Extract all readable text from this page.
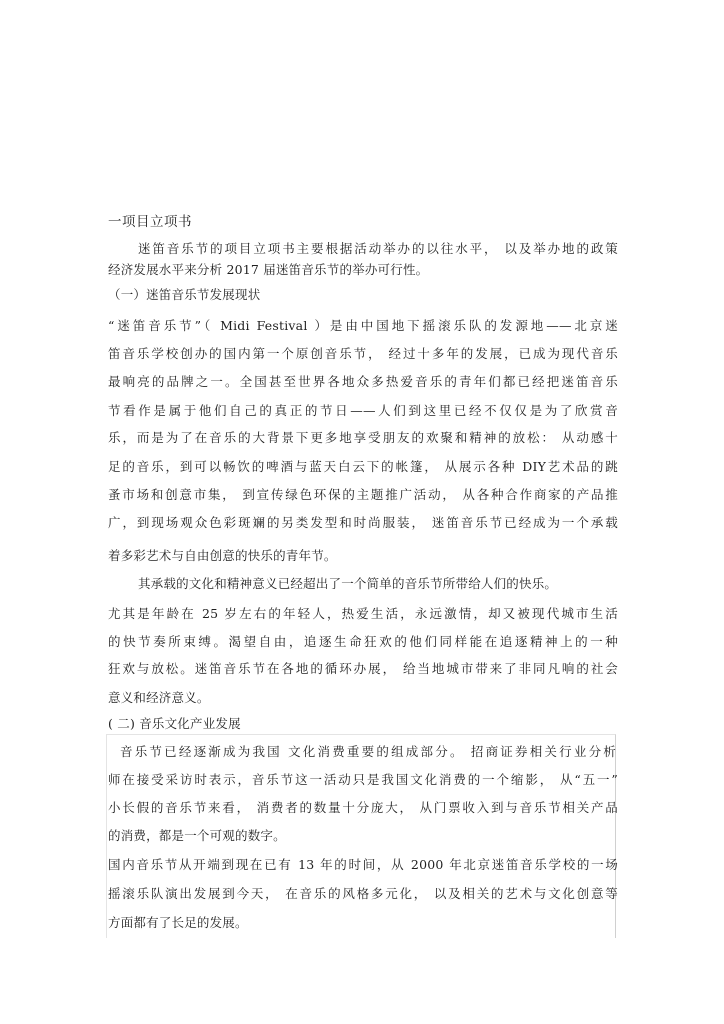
一项目立项书
迷笛音乐节的项目立项书主要根据活动举办的以往水平， 以及举办地的政策
经济发展水平来分析 2017 届迷笛音乐节的举办可行性。
（一）迷笛音乐节发展现状
“迷笛音乐节”（ Midi Festival ）是由中国地下摇滚乐队的发源地——北京迷
笛音乐学校创办的国内第一个原创音乐节， 经过十多年的发展，已成为现代音乐
最响亮的品牌之一。全国甚至世界各地众多热爱音乐的青年们都已经把迷笛音乐
节看作是属于他们自己的真正的节日——人们到这里已经不仅仅是为了欣赏音
乐，而是为了在音乐的大背景下更多地享受朋友的欢聚和精神的放松： 从动感十
足的音乐，到可以畅饮的啤酒与蓝天白云下的帐篷， 从展示各种 DIY艺术品的跳
蚤市场和创意市集， 到宣传绿色环保的主题推广活动， 从各种合作商家的产品推
广，到现场观众色彩斑斓的另类发型和时尚服装， 迷笛音乐节已经成为一个承载
着多彩艺术与自由创意的快乐的青年节。
其承载的文化和精神意义已经超出了一个简单的音乐节所带给人们的快乐。
尤其是年龄在 25 岁左右的年轻人，热爱生活，永远激情，却又被现代城市生活
的快节奏所束缚。渴望自由，追逐生命狂欢的他们同样能在追逐精神上的一种
狂欢与放松。迷笛音乐节在各地的循环办展， 给当地城市带来了非同凡响的社会
意义和经济意义。
( 二) 音乐文化产业发展
音乐节已经逐渐成为我国 文化消费重要的组成部分。 招商证券相关行业分析
师在接受采访时表示，音乐节这一活动只是我国文化消费的一个缩影， 从“五一”
小长假的音乐节来看， 消费者的数量十分庞大， 从门票收入到与音乐节相关产品
的消费，都是一个可观的数字。
国内音乐节从开端到现在已有 13 年的时间，从 2000 年北京迷笛音乐学校的一场
摇滚乐队演出发展到今天， 在音乐的风格多元化， 以及相关的艺术与文化创意等
方面都有了长足的发展。
